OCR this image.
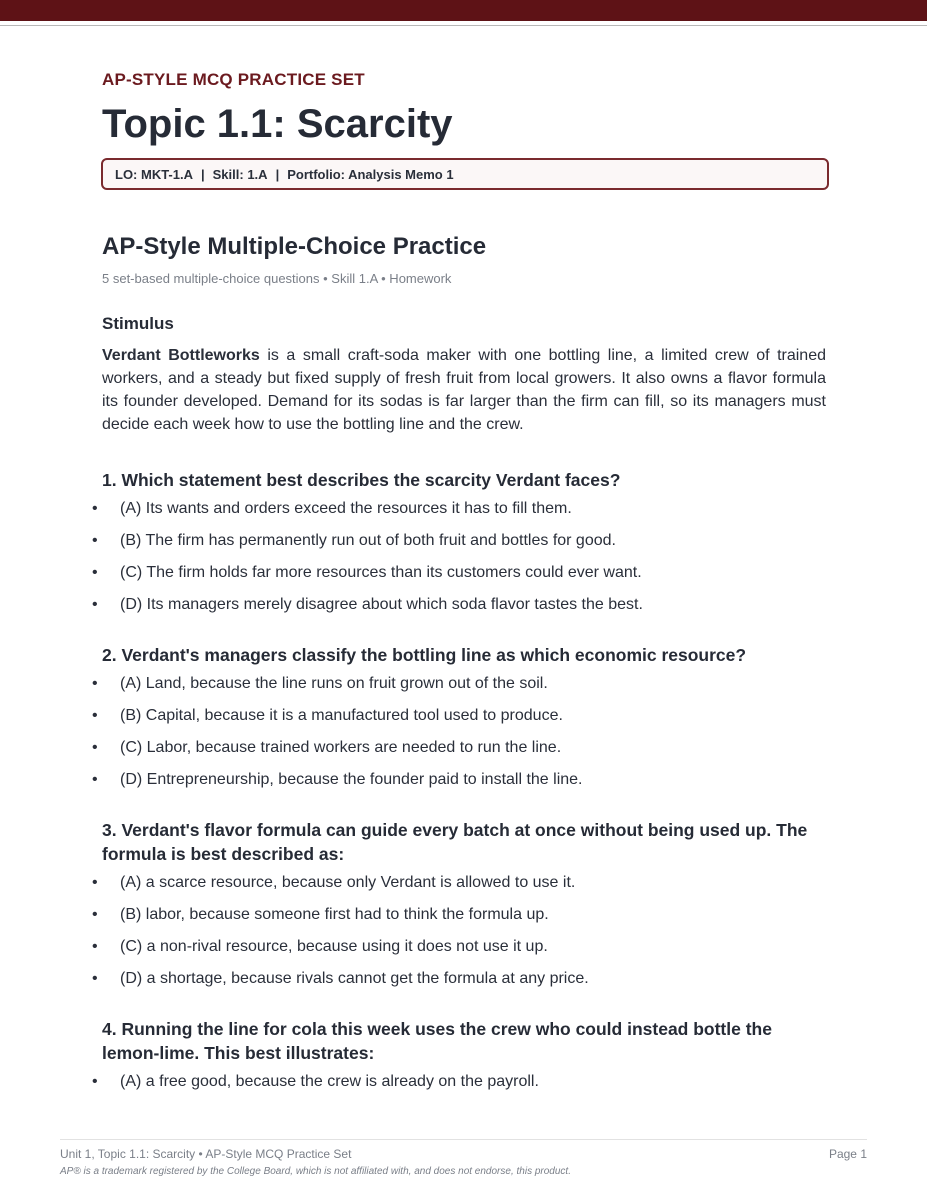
AP-STYLE MCQ PRACTICE SET

Topic 1.1: Scarcity
LO: MKT-1.A | Skill: 1.A | Portfolio: Analysis Memo 1
AP-Style Multiple-Choice Practice

5 set-based multiple-choice questions • Skill 1.A • Homework

Stimulus

Verdant Bottleworks is a small craft-soda maker with one bottling line, a limited crew of trained workers, and a steady but fixed supply of fresh fruit from local growers. It also owns a flavor formula its founder developed. Demand for its sodas is far larger than the firm can fill, so its managers must decide each week how to use the bottling line and the crew.

1. Which statement best describes the scarcity Verdant faces?

• (A) Its wants and orders exceed the resources it has to fill them.
• (B) The firm has permanently run out of both fruit and bottles for good.
• (C) The firm holds far more resources than its customers could ever want.
• (D) Its managers merely disagree about which soda flavor tastes the best.

2. Verdant's managers classify the bottling line as which economic resource?

• (A) Land, because the line runs on fruit grown out of the soil.
• (B) Capital, because it is a manufactured tool used to produce.
• (C) Labor, because trained workers are needed to run the line.
• (D) Entrepreneurship, because the founder paid to install the line.

3. Verdant's flavor formula can guide every batch at once without being used up. The formula is best described as:

• (A) a scarce resource, because only Verdant is allowed to use it.
• (B) labor, because someone first had to think the formula up.
• (C) a non-rival resource, because using it does not use it up.
• (D) a shortage, because rivals cannot get the formula at any price.

4. Running the line for cola this week uses the crew who could instead bottle the lemon-lime. This best illustrates:

• (A) a free good, because the crew is already on the payroll.
Unit 1, Topic 1.1: Scarcity • AP-Style MCQ Practice Set	Page 1
AP® is a trademark registered by the College Board, which is not affiliated with, and does not endorse, this product.
